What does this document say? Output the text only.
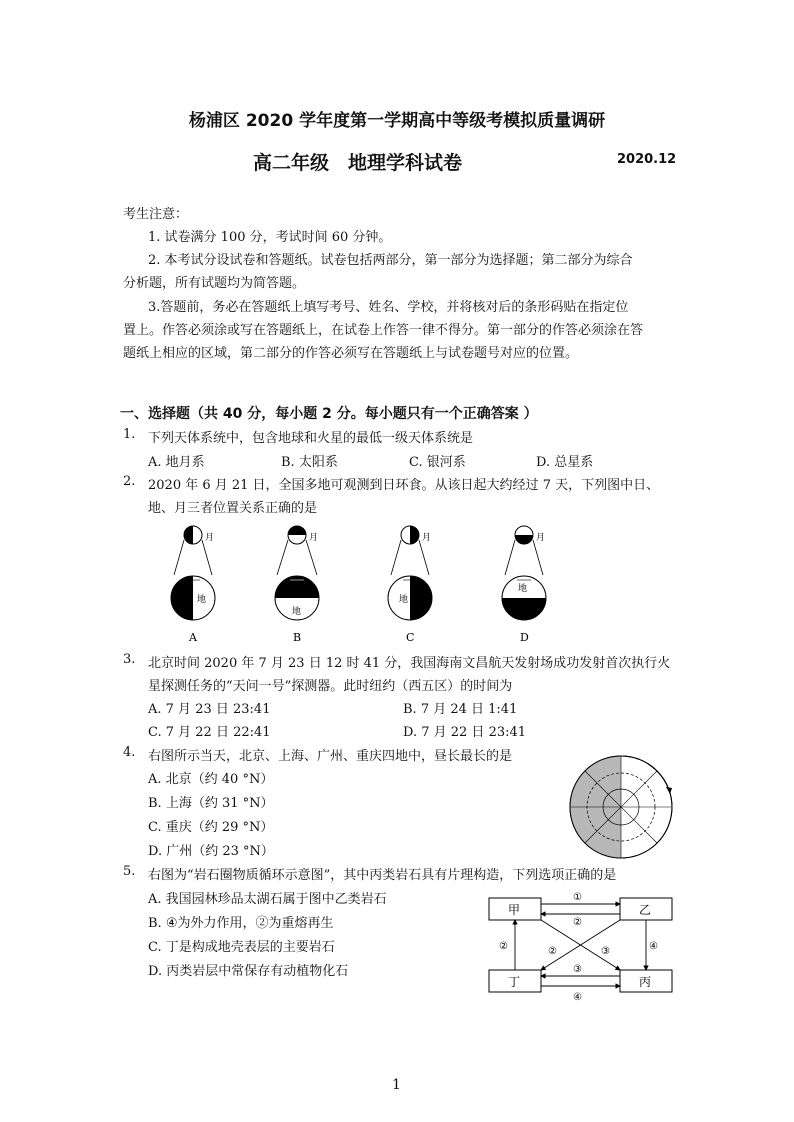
杨浦区 2020 学年度第一学期高中等级考模拟质量调研
高二年级　地理学科试卷	2020.12
考生注意：
1. 试卷满分 100 分，考试时间 60 分钟。
2. 本考试分设试卷和答题纸。试卷包括两部分，第一部分为选择题；第二部分为综合
分析题，所有试题均为简答题。
3.答题前，务必在答题纸上填写考号、姓名、学校，并将核对后的条形码贴在指定位
置上。作答必须涂或写在答题纸上，在试卷上作答一律不得分。第一部分的作答必须涂在答
题纸上相应的区域，第二部分的作答必须写在答题纸上与试卷题号对应的位置。
一、选择题（共 40 分，每小题 2 分。每小题只有一个正确答案 ）
1. 下列天体系统中，包含地球和火星的最低一级天体系统是
A. 地月系	B. 太阳系	C. 银河系	D. 总星系
2. 2020 年 6 月 21 日，全国多地可观测到日环食。从该日起大约经过 7 天，下列图中日、
地、月三者位置关系正确的是
月
地
A
月
地
B
月
地
C
月
地
D
3. 北京时间 2020 年 7 月 23 日 12 时 41 分，我国海南文昌航天发射场成功发射首次执行火
星探测任务的“天问一号”探测器。此时纽约（西五区）的时间为
A. 7 月 23 日 23:41	B. 7 月 24 日 1:41
C. 7 月 22 日 22:41	D. 7 月 22 日 23:41
4. 右图所示当天，北京、上海、广州、重庆四地中，昼长最长的是
A. 北京（约 40 °N）
B. 上海（约 31 °N）
C. 重庆（约 29 °N）
D. 广州（约 23 °N）
5. 右图为“岩石圈物质循环示意图”，其中丙类岩石具有片理构造，下列选项正确的是
A. 我国园林珍品太湖石属于图中乙类岩石
B. ④为外力作用，②为重熔再生
C. 丁是构成地壳表层的主要岩石
D. 丙类岩层中常保存有动植物化石
甲	乙
丁	丙
①
②
②	④
②	③
③
④
1
